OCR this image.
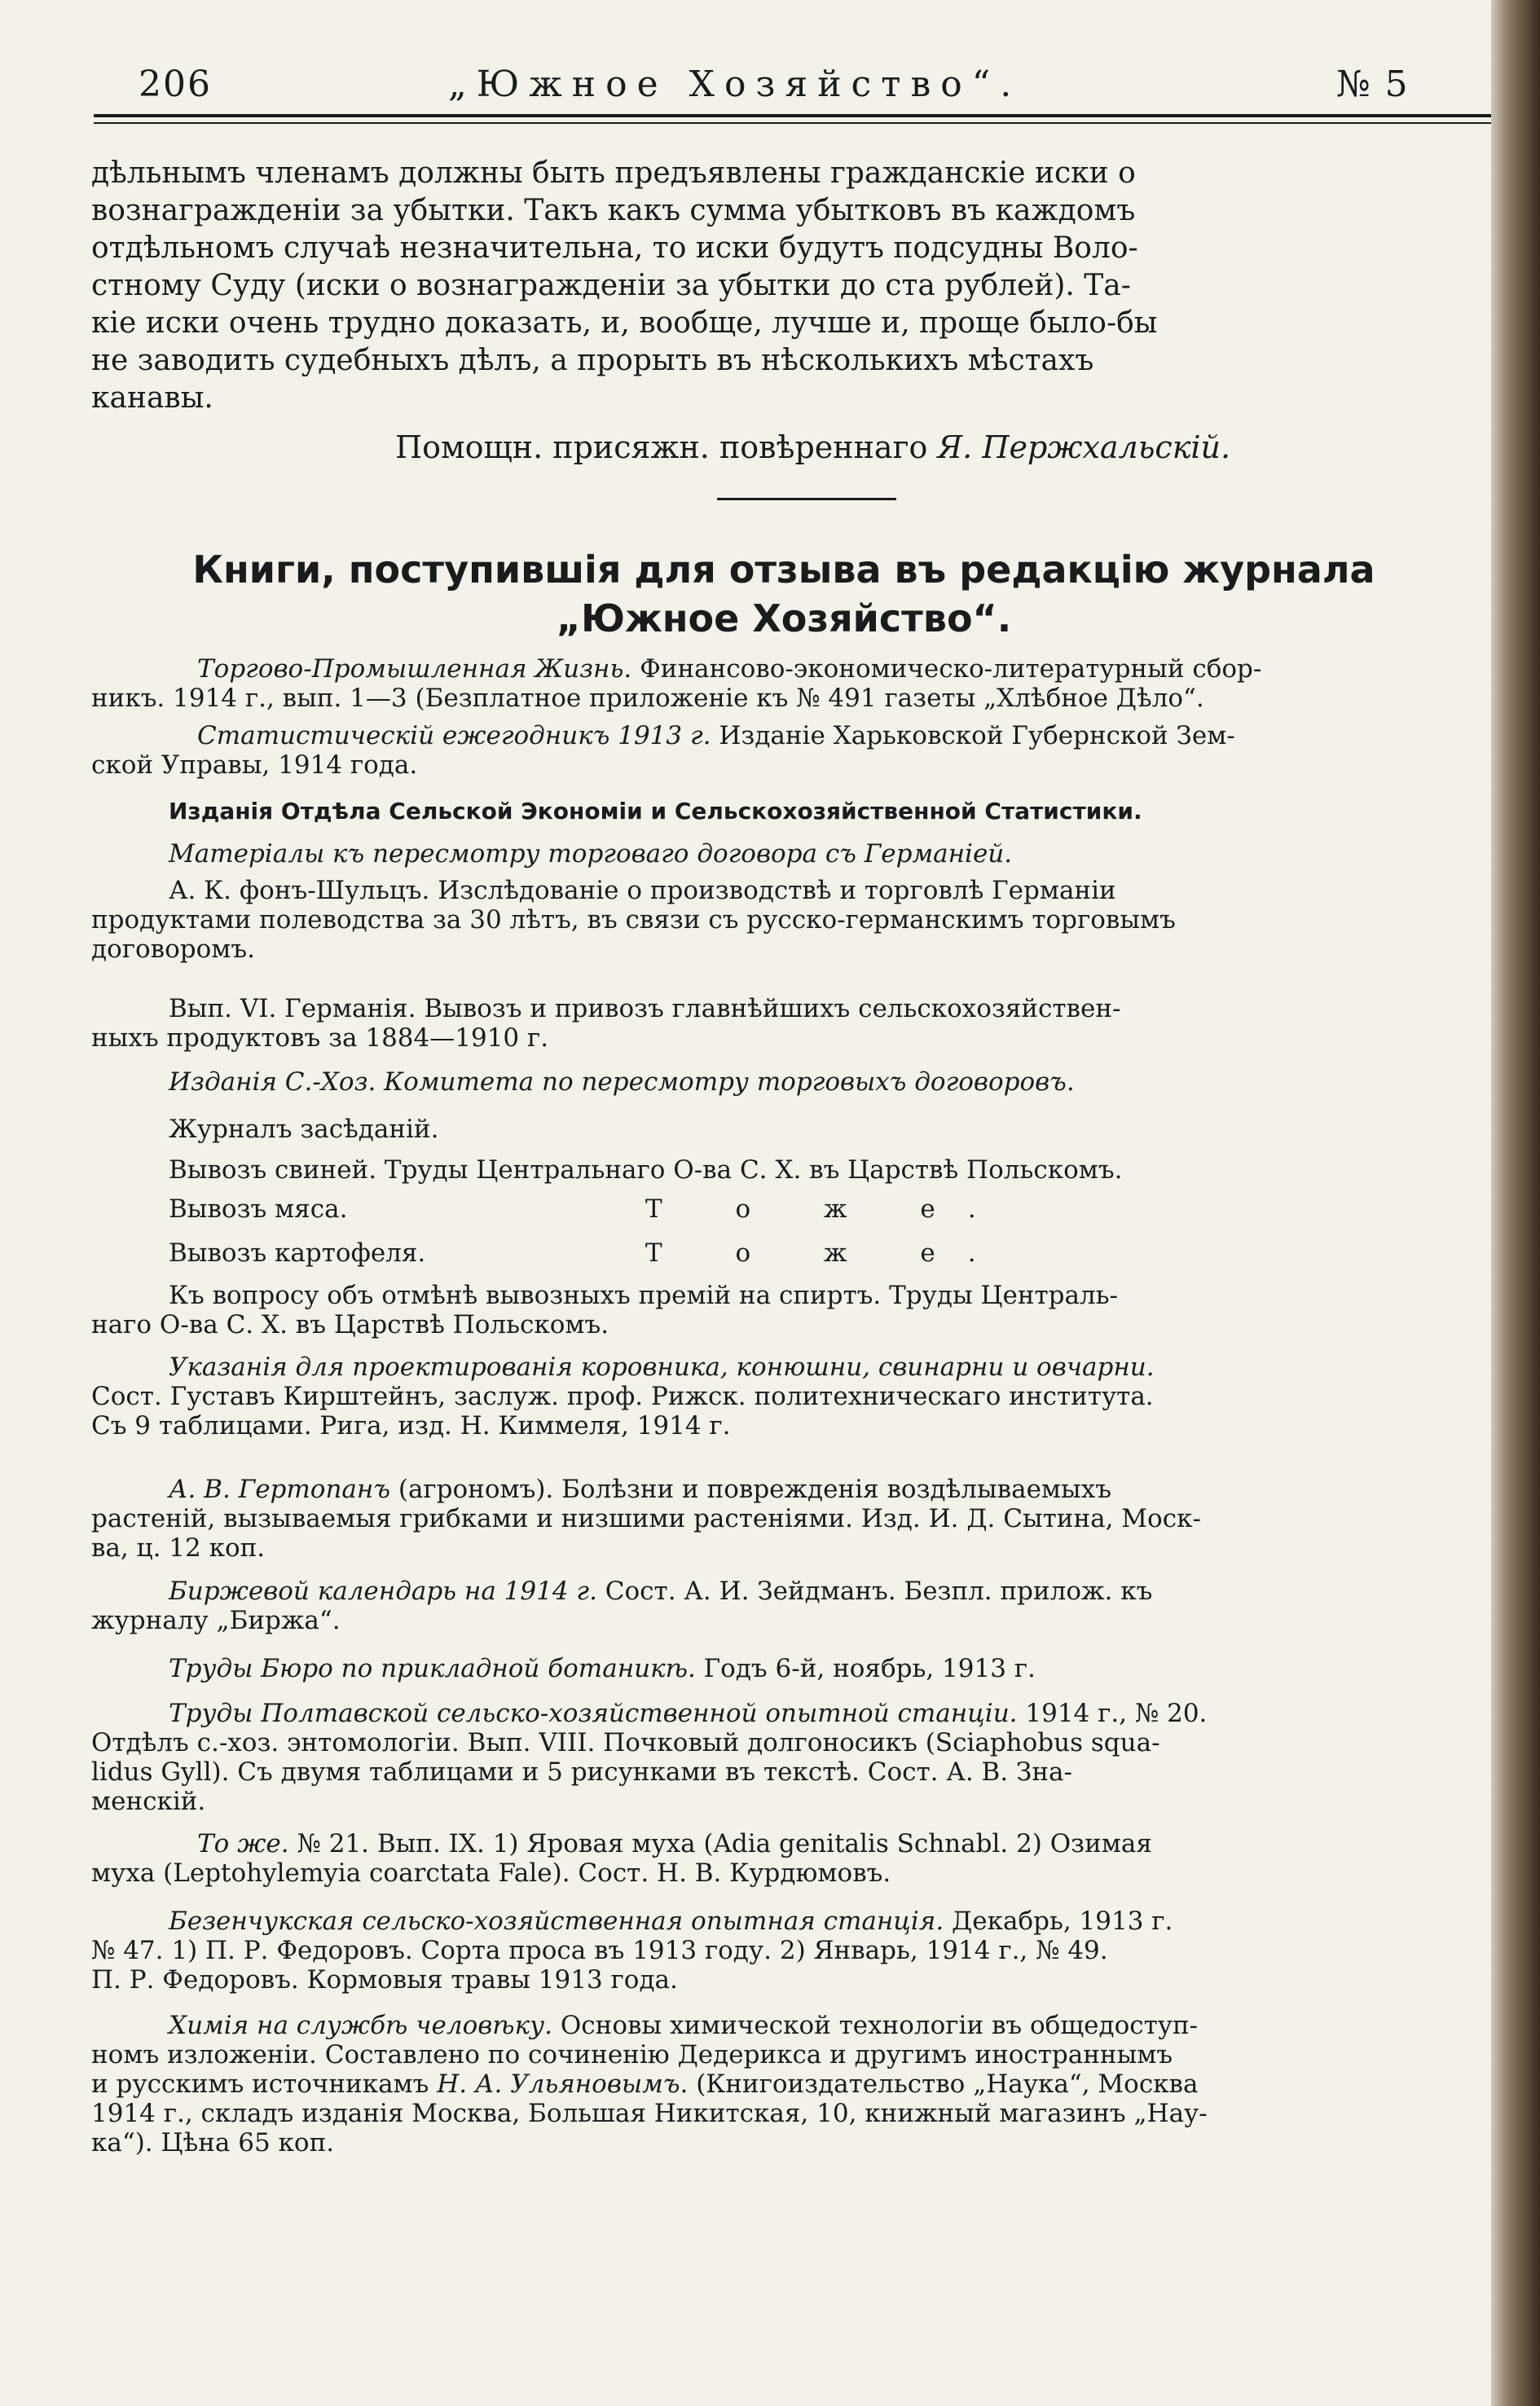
206	„Южное Хозяйство“.	№ 5
дѣльнымъ членамъ должны быть предъявлены гражданскіе иски о
вознагражденіи за убытки. Такъ какъ сумма убытковъ въ каждомъ
отдѣльномъ случаѣ незначительна, то иски будутъ подсудны Воло-
стному Суду (иски о вознагражденіи за убытки до ста рублей). Та-
кіе иски очень трудно доказать, и, вообще, лучше и, проще было-бы
не заводить судебныхъ дѣлъ, а прорыть въ нѣсколькихъ мѣстахъ
канавы.
Помощн. присяжн. повѣреннаго Я. Пержхальскій.
Книги, поступившія для отзыва въ редакцію журнала
„Южное Хозяйство“.
Торгово-Промышленная Жизнь. Финансово-экономическо-литературный сбор-
никъ. 1914 г., вып. 1—3 (Безплатное приложеніе къ № 491 газеты „Хлѣбное Дѣло“.
Статистическій ежегодникъ 1913 г. Изданіе Харьковской Губернской Зем-
ской Управы, 1914 года.
Изданія Отдѣла Сельской Экономіи и Сельскохозяйственной Статистики.
Матеріалы къ пересмотру торговаго договора съ Германіей.
А. К. фонъ-Шульцъ. Изслѣдованіе о производствѣ и торговлѣ Германіи
продуктами полеводства за 30 лѣтъ, въ связи съ русско-германскимъ торговымъ
договоромъ.
Вып. VI. Германія. Вывозъ и привозъ главнѣйшихъ сельскохозяйствен-
ныхъ продуктовъ за 1884—1910 г.
Изданія С.-Хоз. Комитета по пересмотру торговыхъ договоровъ.
Журналъ засѣданій.
Вывозъ свиней. Труды Центральнаго О-ва С. Х. въ Царствѣ Польскомъ.
Вывозъ мяса.	Т о ж е.
Вывозъ картофеля.	Т о ж е.
Къ вопросу объ отмѣнѣ вывозныхъ премій на спиртъ. Труды Централь-
наго О-ва С. Х. въ Царствѣ Польскомъ.
Указанія для проектированія коровника, конюшни, свинарни и овчарни.
Сост. Густавъ Кирштейнъ, заслуж. проф. Рижск. политехническаго института.
Съ 9 таблицами. Рига, изд. Н. Киммеля, 1914 г.
А. В. Гертопанъ (агрономъ). Болѣзни и поврежденія воздѣлываемыхъ
растеній, вызываемыя грибками и низшими растеніями. Изд. И. Д. Сытина, Моск-
ва, ц. 12 коп.
Биржевой календарь на 1914 г. Сост. А. И. Зейдманъ. Безпл. прилож. къ
журналу „Биржа“.
Труды Бюро по прикладной ботаникѣ. Годъ 6-й, ноябрь, 1913 г.
Труды Полтавской сельско-хозяйственной опытной станціи. 1914 г., № 20.
Отдѣлъ с.-хоз. энтомологіи. Вып. VIII. Почковый долгоносикъ (Sciaphobus squa-
lidus Gyll). Съ двумя таблицами и 5 рисунками въ текстѣ. Сост. А. В. Зна-
менскій.
То же. № 21. Вып. IX. 1) Яровая муха (Adia genitalis Schnabl. 2) Озимая
муха (Leptohylemyia coarctata Fale). Сост. Н. В. Курдюмовъ.
Безенчукская сельско-хозяйственная опытная станція. Декабрь, 1913 г.
№ 47. 1) П. Р. Федоровъ. Сорта проса въ 1913 году. 2) Январь, 1914 г., № 49.
П. Р. Федоровъ. Кормовыя травы 1913 года.
Химія на службѣ человѣку. Основы химической технологіи въ общедоступ-
номъ изложеніи. Составлено по сочиненію Дедерикса и другимъ иностраннымъ
и русскимъ источникамъ Н. А. Ульяновымъ. (Книгоиздательство „Наука“, Москва
1914 г., складъ изданія Москва, Большая Никитская, 10, книжный магазинъ „Нау-
ка“). Цѣна 65 коп.
